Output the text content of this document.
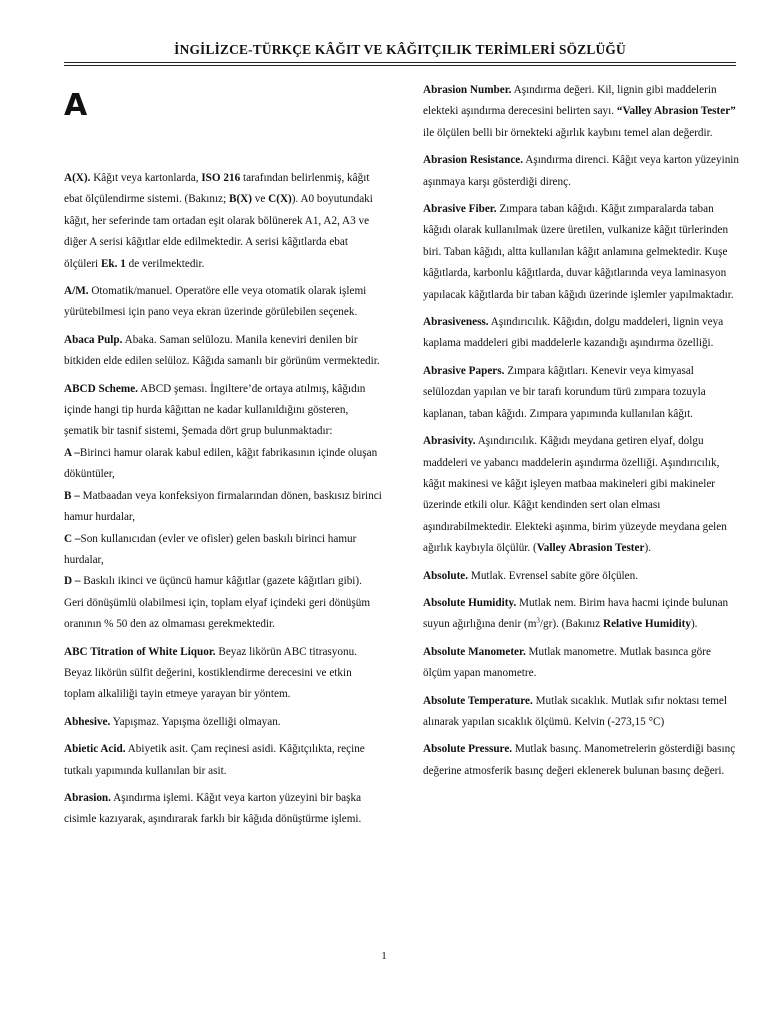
İNGİLİZCE-TÜRKÇE KÂĞIT VE KÂĞITÇILIK TERİMLERİ SÖZLÜĞÜ
A

A(X). Kâğıt veya kartonlarda, ISO 216 tarafından belirlenmiş, kâğıt ebat ölçülendirme sistemi. (Bakınız; B(X) ve C(X)). A0 boyutundaki kâğıt, her seferinde tam ortadan eşit olarak bölünerek A1, A2, A3 ve diğer A serisi kâğıtlar elde edilmektedir. A serisi kâğıtlarda ebat ölçüleri Ek. 1 de verilmektedir.

A/M. Otomatik/manuel. Operatöre elle veya otomatik olarak işlemi yürütebilmesi için pano veya ekran üzerinde görülebilen seçenek.

Abaca Pulp. Abaka. Saman selülozu. Manila keneviri denilen bir bitkiden elde edilen selüloz. Kâğıda samanlı bir görünüm vermektedir.

ABCD Scheme. ABCD şeması. İngiltere’de ortaya atılmış, kâğıdın içinde hangi tip hurda kâğıttan ne kadar kullanıldığını gösteren, şematik bir tasnif sistemi, Şemada dört grup bulunmaktadır:

A –Birinci hamur olarak kabul edilen, kâğıt fabrikasının içinde oluşan döküntüler,

B – Matbaadan veya konfeksiyon firmalarından dönen, baskısız birinci hamur hurdalar,

C –Son kullanıcıdan (evler ve ofisler) gelen baskılı birinci hamur hurdalar,

D – Baskılı ikinci ve üçüncü hamur kâğıtlar (gazete kâğıtları gibi).

Geri dönüşümlü olabilmesi için, toplam elyaf içindeki geri dönüşüm oranının % 50 den az olmaması gerekmektedir.

ABC Titration of White Liquor. Beyaz likörün ABC titrasyonu. Beyaz likörün sülfit değerini, kostiklendirme derecesini ve etkin toplam alkaliliği tayin etmeye yarayan bir yöntem.

Abhesive. Yapışmaz. Yapışma özelliği olmayan.

Abietic Acid. Abiyetik asit. Çam reçinesi asidi. Kâğıtçılıkta, reçine tutkalı yapımında kullanılan bir asit.

Abrasion. Aşındırma işlemi. Kâğıt veya karton yüzeyini bir başka cisimle kazıyarak, aşındırarak farklı bir kâğıda dönüştürme işlemi.

Abrasion Number. Aşındırma değeri. Kil, lignin gibi maddelerin elekteki aşındırma derecesini belirten sayı. “Valley Abrasion Tester” ile ölçülen belli bir örnekteki ağırlık kaybını temel alan değerdir.

Abrasion Resistance. Aşındırma direnci. Kâğıt veya karton yüzeyinin aşınmaya karşı gösterdiği direnç.

Abrasive Fiber. Zımpara taban kâğıdı. Kâğıt zımparalarda taban kâğıdı olarak kullanılmak üzere üretilen, vulkanize kâğıt türlerinden biri. Taban kâğıdı, altta kullanılan kâğıt anlamına gelmektedir. Kuşe kâğıtlarda, karbonlu kâğıtlarda, duvar kâğıtlarında veya laminasyon yapılacak kâğıtlarda bir taban kâğıdı üzerinde işlemler yapılmaktadır.

Abrasiveness. Aşındırıcılık. Kâğıdın, dolgu maddeleri, lignin veya kaplama maddeleri gibi maddelerle kazandığı aşındırma özelliği.

Abrasive Papers. Zımpara kâğıtları. Kenevir veya kimyasal selülozdan yapılan ve bir tarafı korundum türü zımpara tozuyla kaplanan, taban kâğıdı. Zımpara yapımında kullanılan kâğıt.

Abrasivity. Aşındırıcılık. Kâğıdı meydana getiren elyaf, dolgu maddeleri ve yabancı maddelerin aşındırma özelliği. Aşındırıcılık, kâğıt makinesi ve kâğıt işleyen matbaa makineleri gibi makineler üzerinde etkili olur. Kâğıt kendinden sert olan elması aşındırabilmektedir. Elekteki aşınma, birim yüzeyde meydana gelen ağırlık kaybıyla ölçülür. (Valley Abrasion Tester).

Absolute. Mutlak. Evrensel sabite göre ölçülen.

Absolute Humidity. Mutlak nem. Birim hava hacmi içinde bulunan suyun ağırlığına denir $(m^3/gr)$. (Bakınız Relative Humidity).

Absolute Manometer. Mutlak manometre. Mutlak basınca göre ölçüm yapan manometre.

Absolute Temperature. Mutlak sıcaklık. Mutlak sıfır noktası temel alınarak yapılan sıcaklık ölçümü. Kelvin (-273,15 °C)

Absolute Pressure. Mutlak basınç. Manometrelerin gösterdiği basınç değerine atmosferik basınç değeri eklenerek bulunan basınç değeri.

1
